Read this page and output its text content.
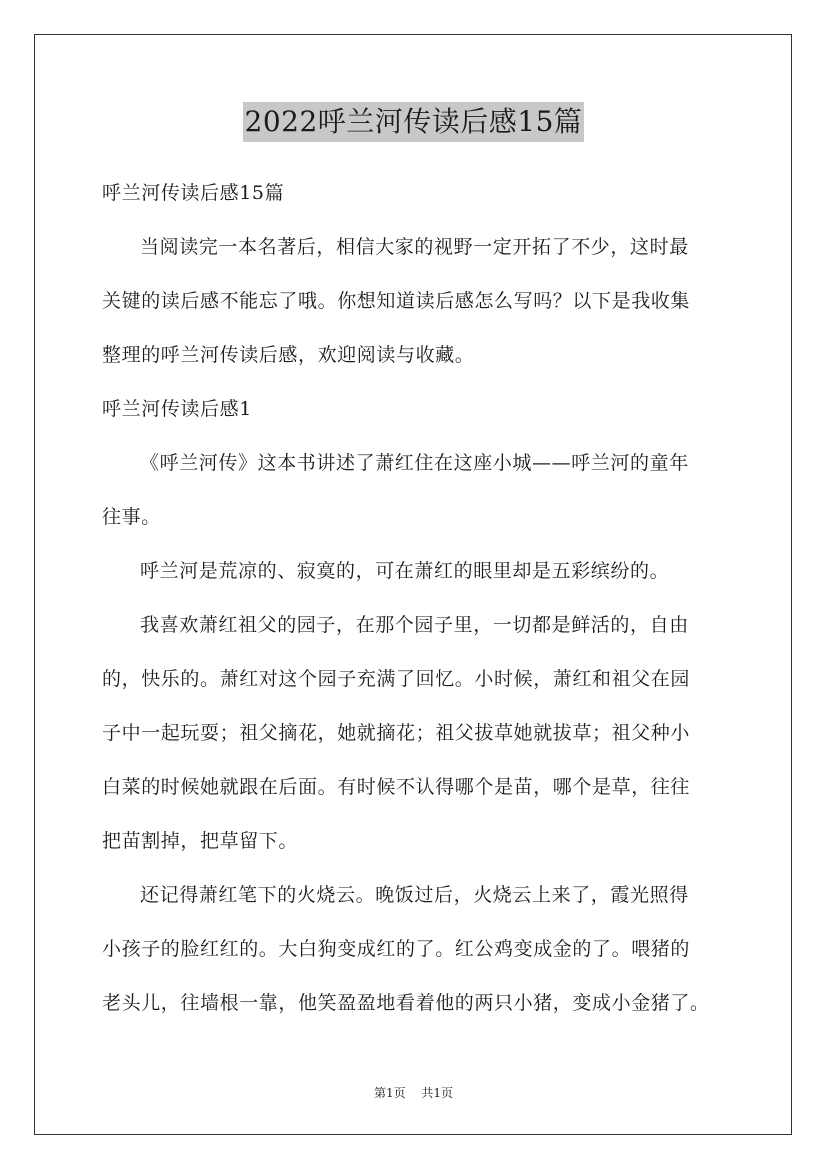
2022呼兰河传读后感15篇

呼兰河传读后感15篇

当阅读完一本名著后，相信大家的视野一定开拓了不少，这时最

关键的读后感不能忘了哦。你想知道读后感怎么写吗？以下是我收集

整理的呼兰河传读后感，欢迎阅读与收藏。

呼兰河传读后感1

《呼兰河传》这本书讲述了萧红住在这座小城——呼兰河的童年

往事。

呼兰河是荒凉的、寂寞的，可在萧红的眼里却是五彩缤纷的。

我喜欢萧红祖父的园子，在那个园子里，一切都是鲜活的，自由

的，快乐的。萧红对这个园子充满了回忆。小时候，萧红和祖父在园

子中一起玩耍；祖父摘花，她就摘花；祖父拔草她就拔草；祖父种小

白菜的时候她就跟在后面。有时候不认得哪个是苗，哪个是草，往往

把苗割掉，把草留下。

还记得萧红笔下的火烧云。晚饭过后，火烧云上来了，霞光照得

小孩子的脸红红的。大白狗变成红的了。红公鸡变成金的了。喂猪的

老头儿，往墙根一靠，他笑盈盈地看着他的两只小猪，变成小金猪了。

第1页 共1页
